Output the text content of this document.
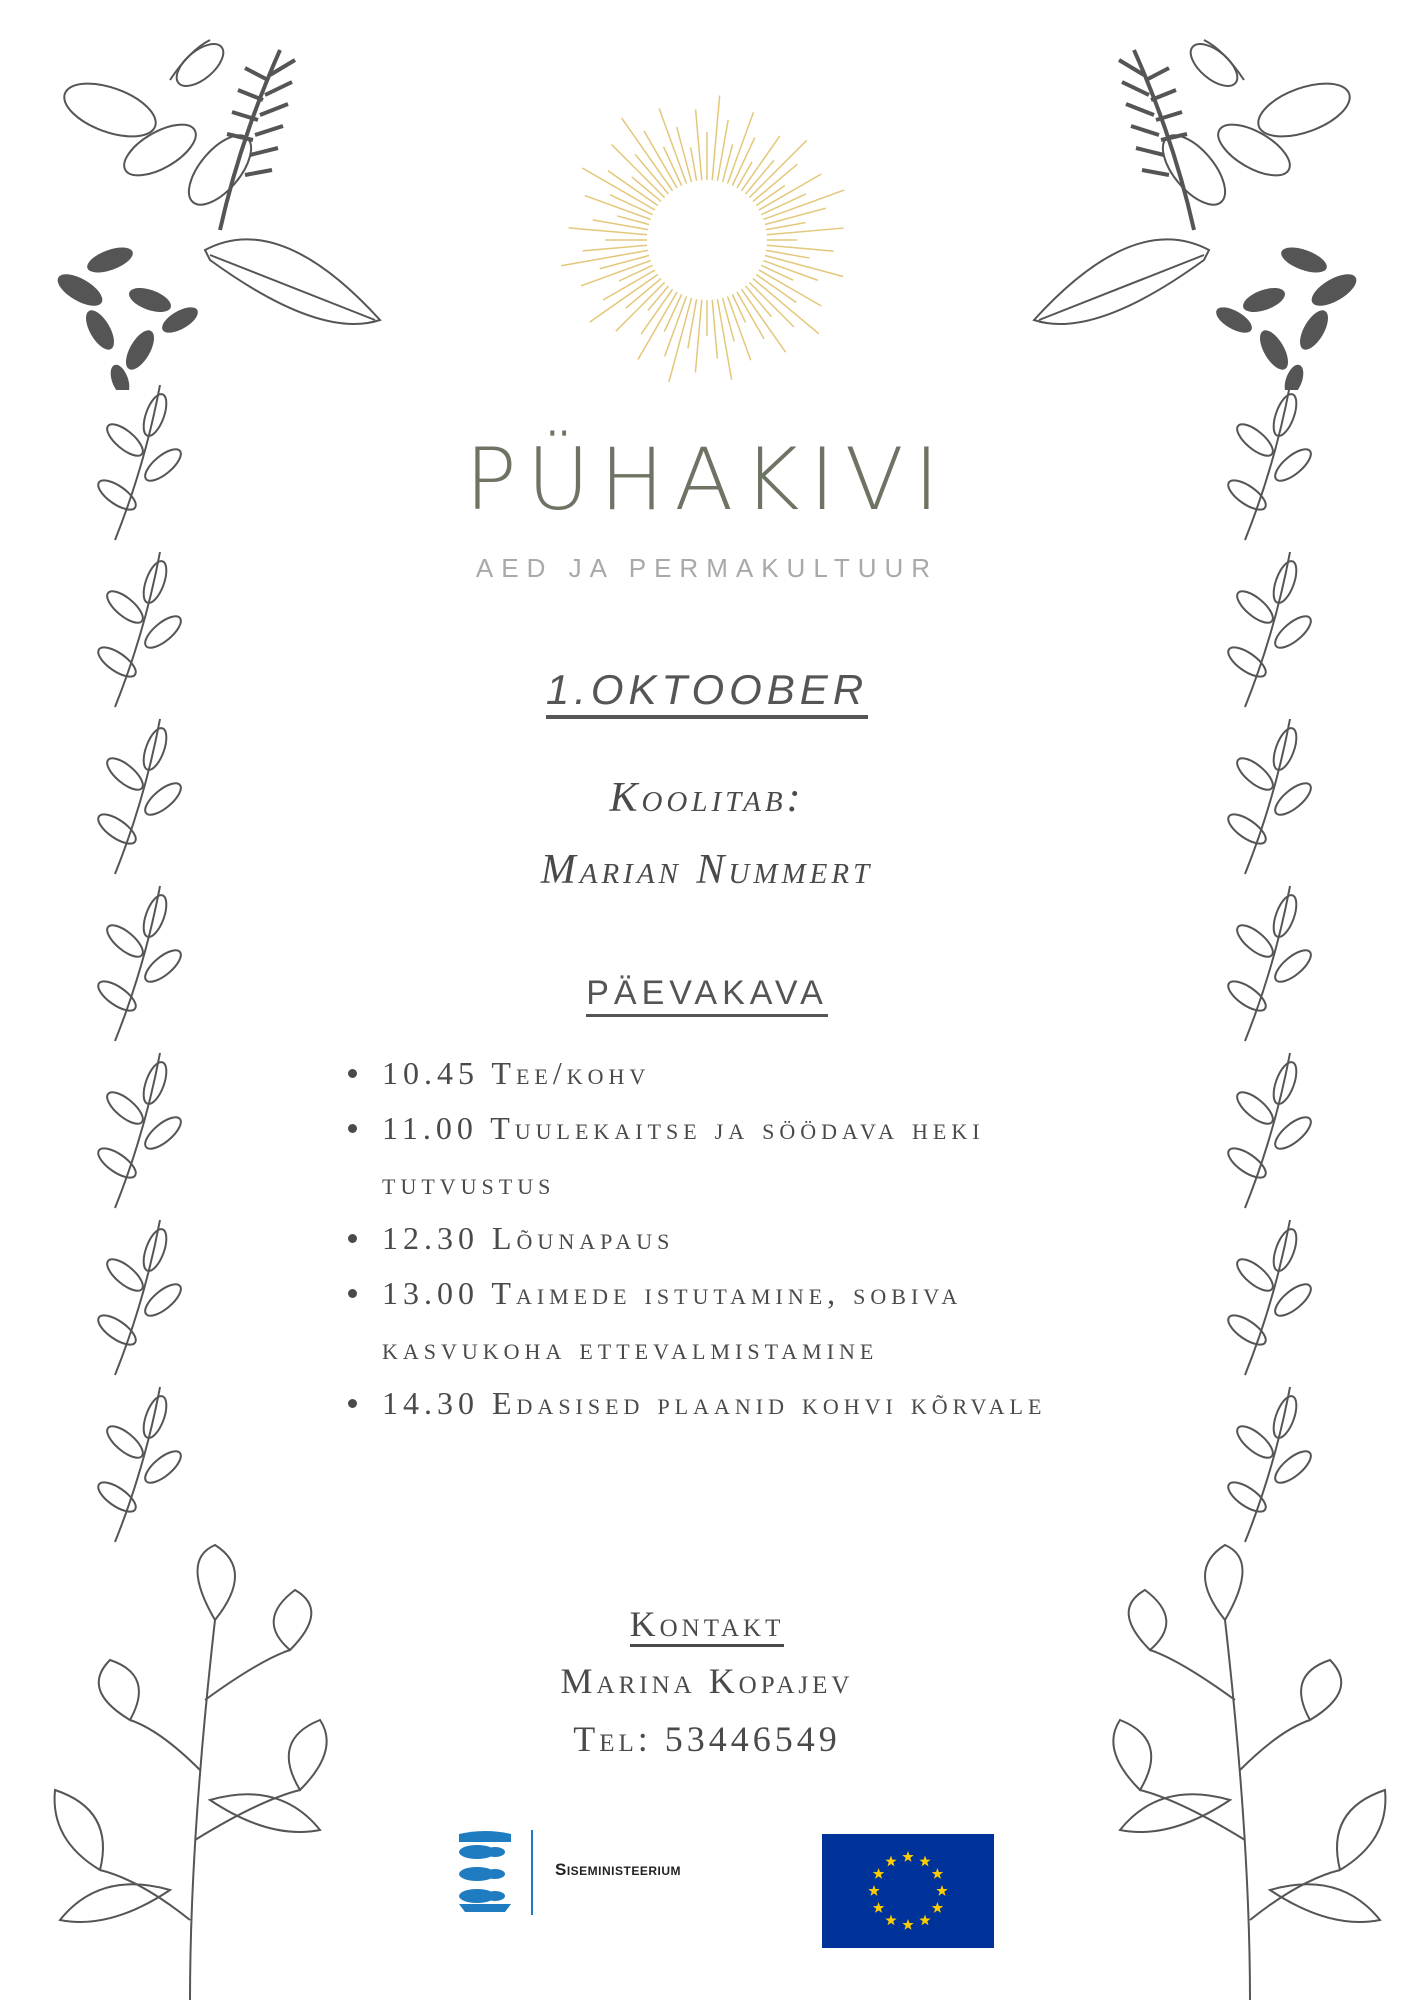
PÜHAKIVI
AED JA PERMAKULTUUR
1.OKTOOBER
Koolitab:
Marian Nummert
PÄEVAKAVA
10.45 Tee/kohv
11.00 Tuulekaitse ja söödava heki tutvustus
12.30 Lõunapaus
13.00 Taimede istutamine, sobiva kasvukoha ettevalmistamine
14.30 Edasised plaanid kohvi kõrvale
Kontakt
Marina Kopajev
Tel: 53446549
Siseministeerium
